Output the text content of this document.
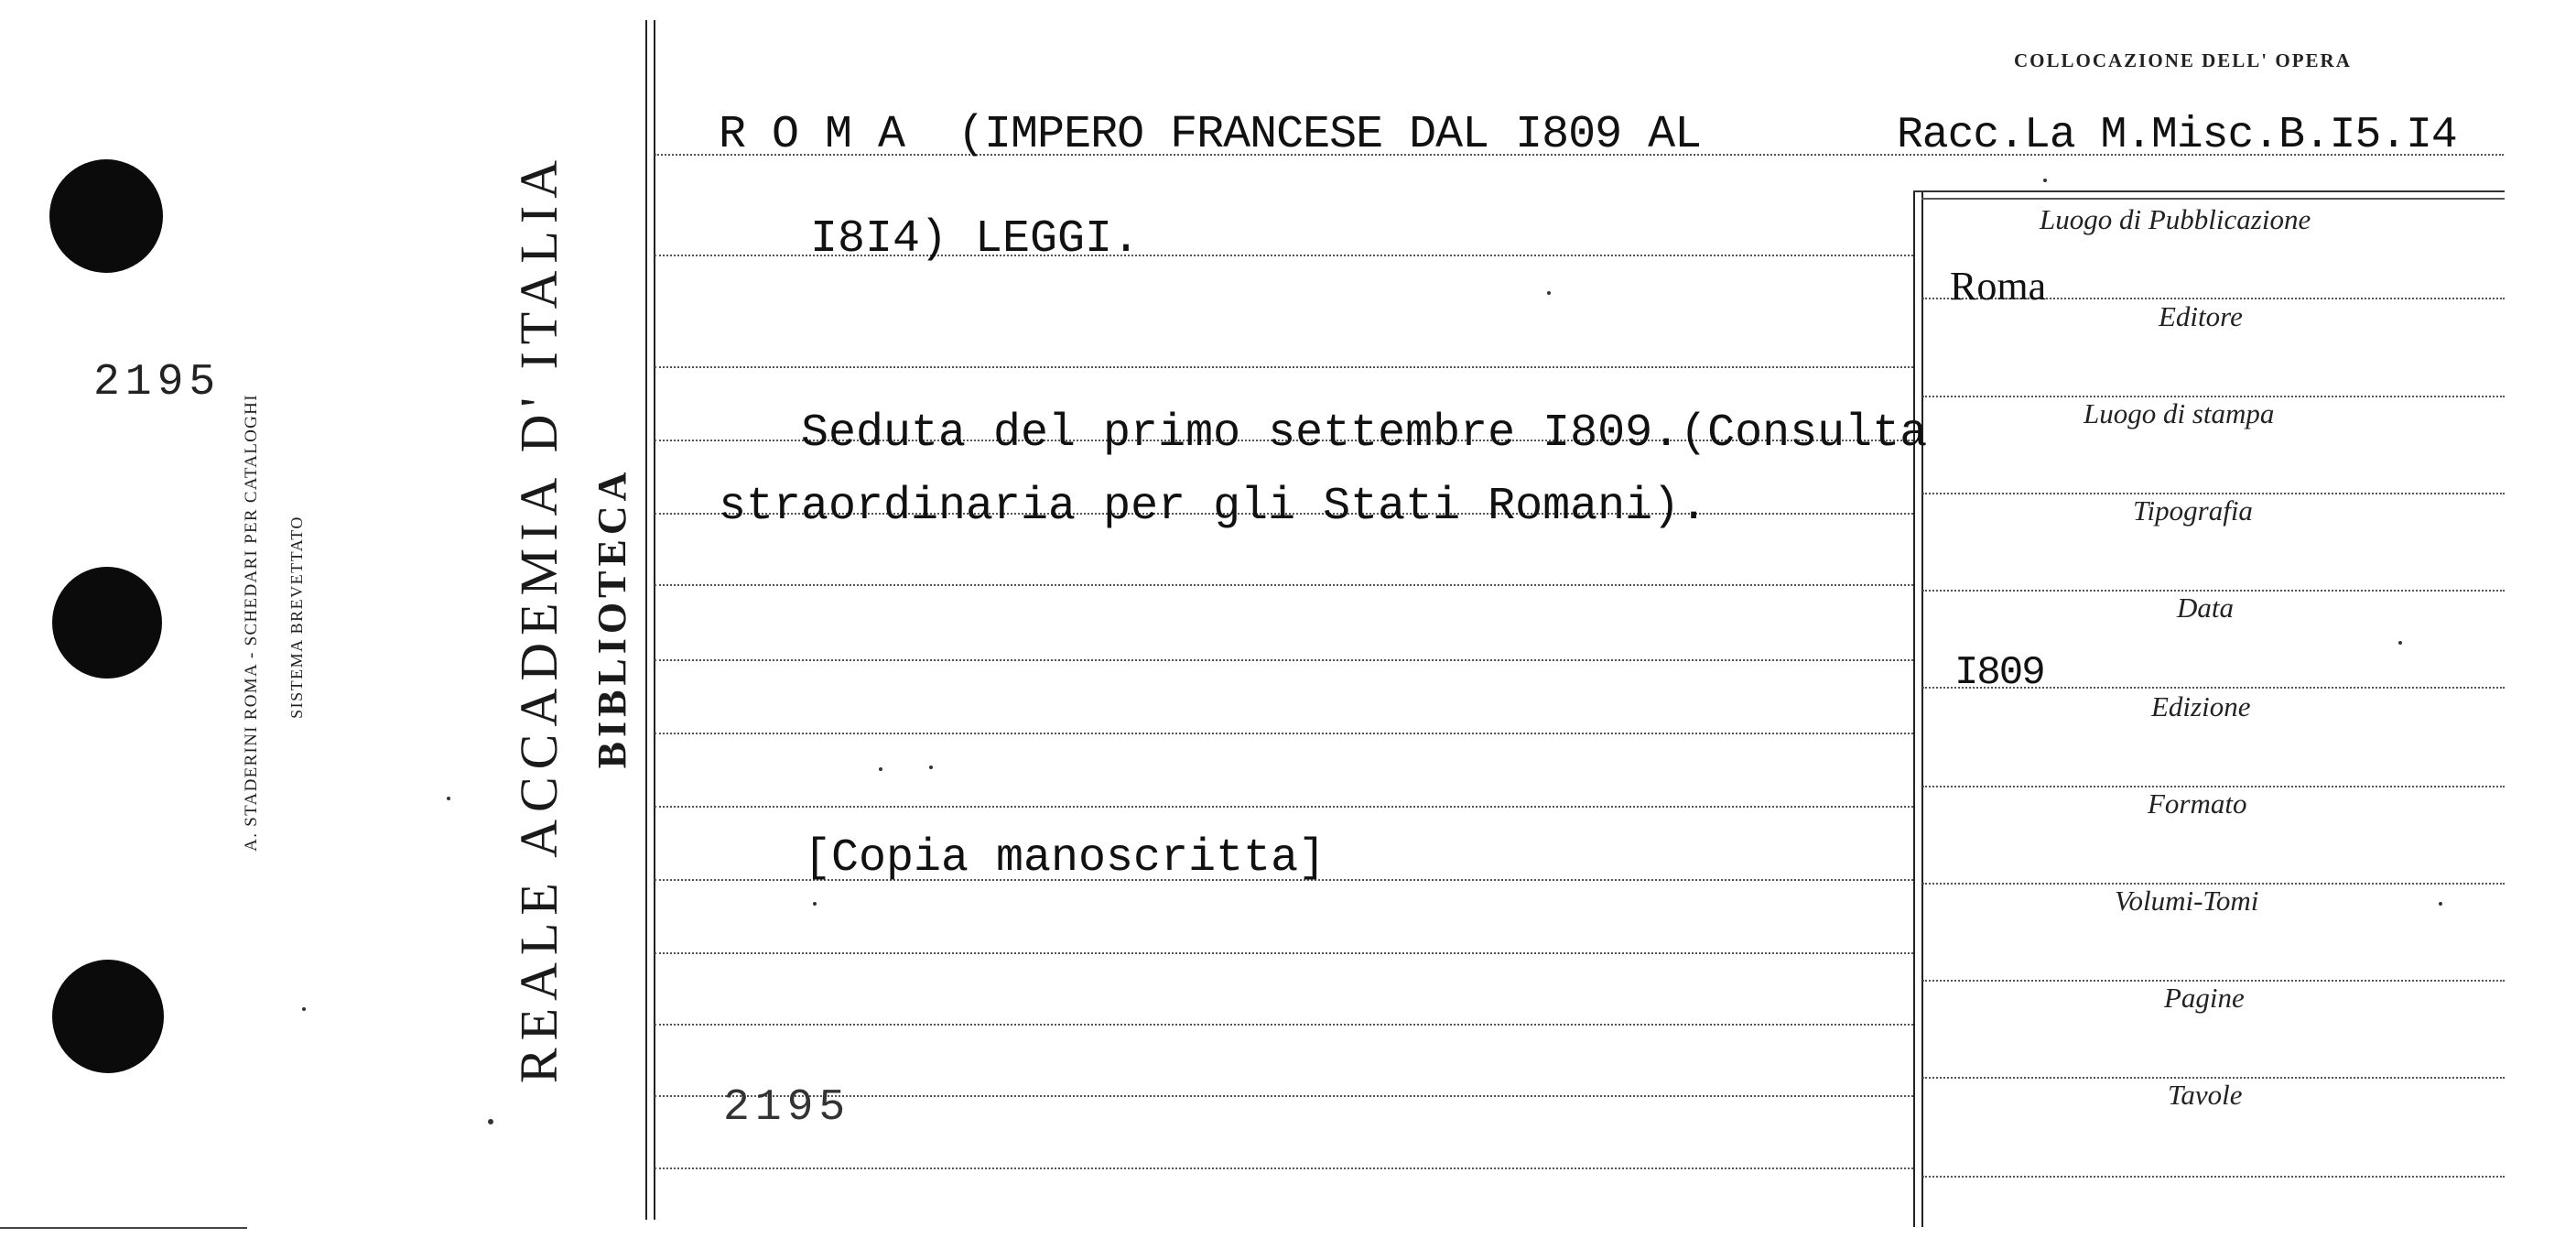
2195
A. STADERINI ROMA - SCHEDARI PER CATALOGHI SISTEMA BREVETTATO	REALE ACCADEMIA D' ITALIA BIBLIOTECA
COLLOCAZIONE DELL' OPERA
Racc.La M.Misc.B.I5.I4
R O M A  (IMPERO FRANCESE DAL I809 AL
I8I4) LEGGI.
Seduta del primo settembre I809.(Consulta
straordinaria per gli Stati Romani).
[Copia manoscritta]
2195
Luogo di Pubblicazione
Roma
Editore
Luogo di stampa
Tipografia
Data
I809
Edizione
Formato
Volumi-Tomi
Pagine
Tavole
